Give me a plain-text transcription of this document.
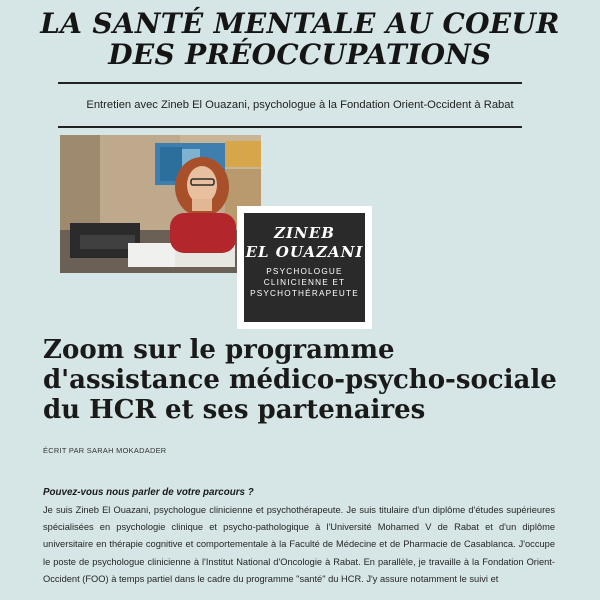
LA SANTÉ MENTALE AU COEUR DES PRÉOCCUPATIONS
Entretien avec Zineb El Ouazani, psychologue à la Fondation Orient-Occident à Rabat
ZINEB
EL OUAZANI
PSYCHOLOGUE
CLINICIENNE ET
PSYCHOTHÉRAPEUTE
Zoom sur le programme d'assistance médico-psycho-sociale du HCR et ses partenaires
ÉCRIT PAR SARAH MOKADADER
Pouvez-vous nous parler de votre parcours ?

Je suis Zineb El Ouazani, psychologue clinicienne et psychothérapeute. Je suis titulaire d'un diplôme d'études supérieures spécialisées en psychologie clinique et psycho-pathologique à l'Université Mohamed V de Rabat et d'un diplôme universitaire en thérapie cognitive et comportementale à la Faculté de Médecine et de Pharmacie de Casablanca. J'occupe le poste de psychologue clinicienne à l'Institut National d'Oncologie à Rabat. En parallèle, je travaille à la Fondation Orient-Occident (FOO) à temps partiel dans le cadre du programme "santé" du HCR. J'y assure notamment le suivi et
